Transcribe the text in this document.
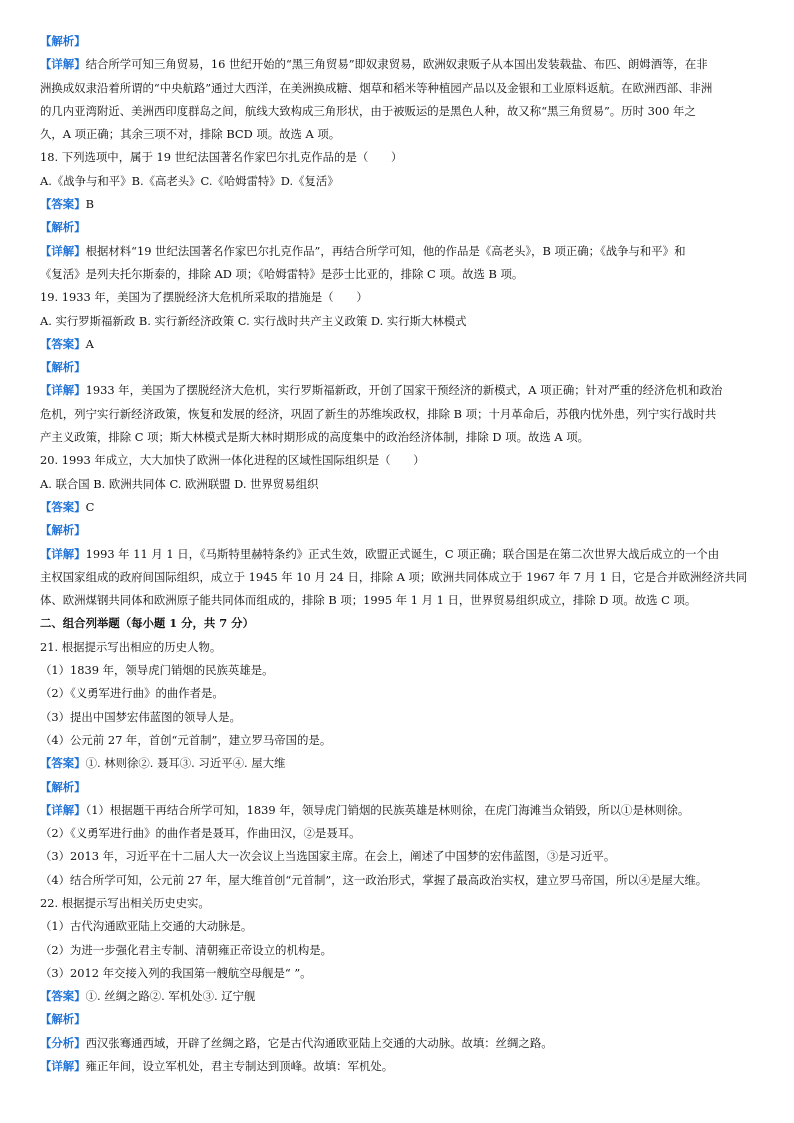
【解析】

【详解】结合所学可知三角贸易，16 世纪开始的“黑三角贸易”即奴隶贸易，欧洲奴隶贩子从本国出发装载盐、布匹、朗姆酒等，在非

洲换成奴隶沿着所谓的“中央航路”通过大西洋，在美洲换成糖、烟草和稻米等种植园产品以及金银和工业原料返航。在欧洲西部、非洲

的几内亚湾附近、美洲西印度群岛之间，航线大致构成三角形状，由于被贩运的是黑色人种，故又称“黑三角贸易”。历时 300 年之

久，A 项正确；其余三项不对，排除 BCD 项。故选 A 项。

18. 下列选项中，属于 19 世纪法国著名作家巴尔扎克作品的是（　　）

A.《战争与和平》B.《高老头》C.《哈姆雷特》D.《复活》

【答案】B

【解析】

【详解】根据材料“19 世纪法国著名作家巴尔扎克作品”，再结合所学可知，他的作品是《高老头》，B 项正确；《战争与和平》和

《复活》是列夫托尔斯泰的，排除 AD 项；《哈姆雷特》是莎士比亚的，排除 C 项。故选 B 项。

19. 1933 年，美国为了摆脱经济大危机所采取的措施是（　　）

A. 实行罗斯福新政 B. 实行新经济政策 C. 实行战时共产主义政策 D. 实行斯大林模式

【答案】A

【解析】

【详解】1933 年，美国为了摆脱经济大危机，实行罗斯福新政，开创了国家干预经济的新模式，A 项正确；针对严重的经济危机和政治

危机，列宁实行新经济政策，恢复和发展的经济，巩固了新生的苏维埃政权，排除 B 项；十月革命后，苏俄内忧外患，列宁实行战时共

产主义政策，排除 C 项；斯大林模式是斯大林时期形成的高度集中的政治经济体制，排除 D 项。故选 A 项。

20. 1993 年成立，大大加快了欧洲一体化进程的区域性国际组织是（　　）

A. 联合国 B. 欧洲共同体 C. 欧洲联盟 D. 世界贸易组织

【答案】C

【解析】

【详解】1993 年 11 月 1 日，《马斯特里赫特条约》正式生效，欧盟正式诞生，C 项正确；联合国是在第二次世界大战后成立的一个由

主权国家组成的政府间国际组织，成立于 1945 年 10 月 24 日，排除 A 项；欧洲共同体成立于 1967 年 7 月 1 日，它是合并欧洲经济共同

体、欧洲煤钢共同体和欧洲原子能共同体而组成的，排除 B 项；1995 年 1 月 1 日，世界贸易组织成立，排除 D 项。故选 C 项。

二、组合列举题（每小题 1 分，共 7 分）

21. 根据提示写出相应的历史人物。

（1）1839 年，领导虎门销烟的民族英雄是。

（2）《义勇军进行曲》的曲作者是。

（3）提出中国梦宏伟蓝图的领导人是。

（4）公元前 27 年，首创“元首制”，建立罗马帝国的是。

【答案】①. 林则徐②. 聂耳③. 习近平④. 屋大维

【解析】

【详解】（1）根据题干再结合所学可知，1839 年，领导虎门销烟的民族英雄是林则徐，在虎门海滩当众销毁，所以①是林则徐。

（2）《义勇军进行曲》的曲作者是聂耳，作曲田汉，②是聂耳。

（3）2013 年，习近平在十二届人大一次会议上当选国家主席。在会上，阐述了中国梦的宏伟蓝图，③是习近平。

（4）结合所学可知，公元前 27 年，屋大维首创“元首制”，这一政治形式，掌握了最高政治实权，建立罗马帝国，所以④是屋大维。

22. 根据提示写出相关历史史实。

（1）古代沟通欧亚陆上交通的大动脉是。

（2）为进一步强化君主专制、清朝雍正帝设立的机构是。

（3）2012 年交接入列的我国第一艘航空母舰是“ ”。

【答案】①. 丝绸之路②. 军机处③. 辽宁舰

【解析】

【分析】西汉张骞通西域，开辟了丝绸之路，它是古代沟通欧亚陆上交通的大动脉。故填：丝绸之路。

【详解】雍正年间，设立军机处，君主专制达到顶峰。故填：军机处。
